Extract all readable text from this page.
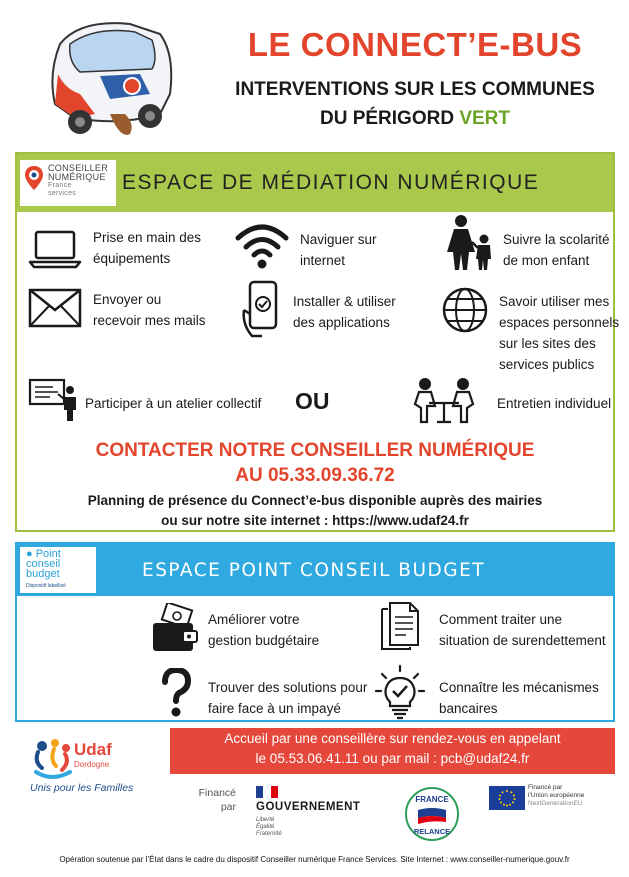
LE CONNECT’E-BUS
INTERVENTIONS SUR LES COMMUNES
DU PÉRIGORD VERT
CONSEILLER
NUMÉRIQUE
France
services	ESPACE DE MÉDIATION NUMÉRIQUE
Prise en main des
équipements
Naviguer sur
internet
Suivre la scolarité
de mon enfant
Envoyer ou
recevoir mes mails
Installer & utiliser
des applications
Savoir utiliser mes
espaces personnels
sur les sites des
services publics
Participer à un atelier collectif OU	Entretien individuel
CONTACTER NOTRE CONSEILLER NUMÉRIQUE
AU 05.33.09.36.72
Planning de présence du Connect’e-bus disponible auprès des mairies
ou sur notre site internet : https://www.udaf24.fr
● Point
conseil
budget
Dispositif labellisé
ESPACE POINT CONSEIL BUDGET
Améliorer votre
gestion budgétaire
Comment traiter une
situation de surendettement
Trouver des solutions pour
faire face à un impayé
Connaître les mécanismes
bancaires
Accueil par une conseillère sur rendez-vous en appelant
le 05.53.06.41.11 ou par mail : pcb@udaf24.fr
Udaf
Dordogne
Unis pour les Familles	Financé
par GOUVERNEMENT
Liberté
Égalité
Fraternité
FRANCE
RELANCE
Financé par
l’Union européenne
NextGenerationEU
Opération soutenue par l’État dans le cadre du dispositif Conseiller numérique France Services. Site Internet : www.conseiller-numerique.gouv.fr
